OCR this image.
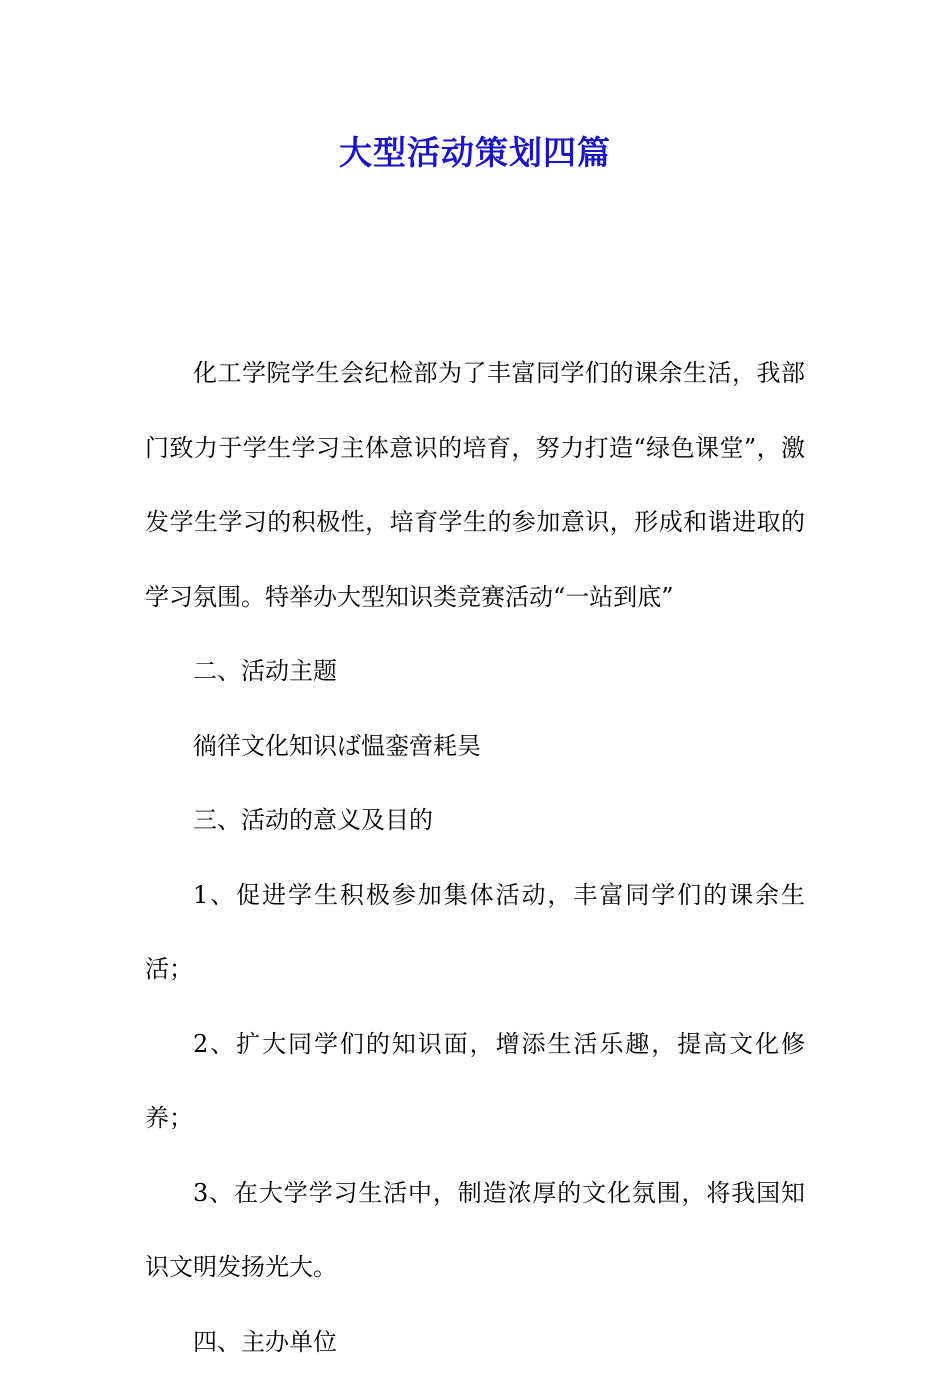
大型活动策划四篇

化工学院学生会纪检部为了丰富同学们的课余生活，我部门致力于学生学习主体意识的培育，努力打造“绿色课堂”，激发学生学习的积极性，培育学生的参加意识，形成和谐进取的学习氛围。特举办大型知识类竞赛活动“一站到底”

二、活动主题

徜徉文化知识ば愠銮啻耗昊

三、活动的意义及目的

1、促进学生积极参加集体活动，丰富同学们的课余生活；

2、扩大同学们的知识面，增添生活乐趣，提高文化修养；

3、在大学学习生活中，制造浓厚的文化氛围，将我国知识文明发扬光大。

四、主办单位
